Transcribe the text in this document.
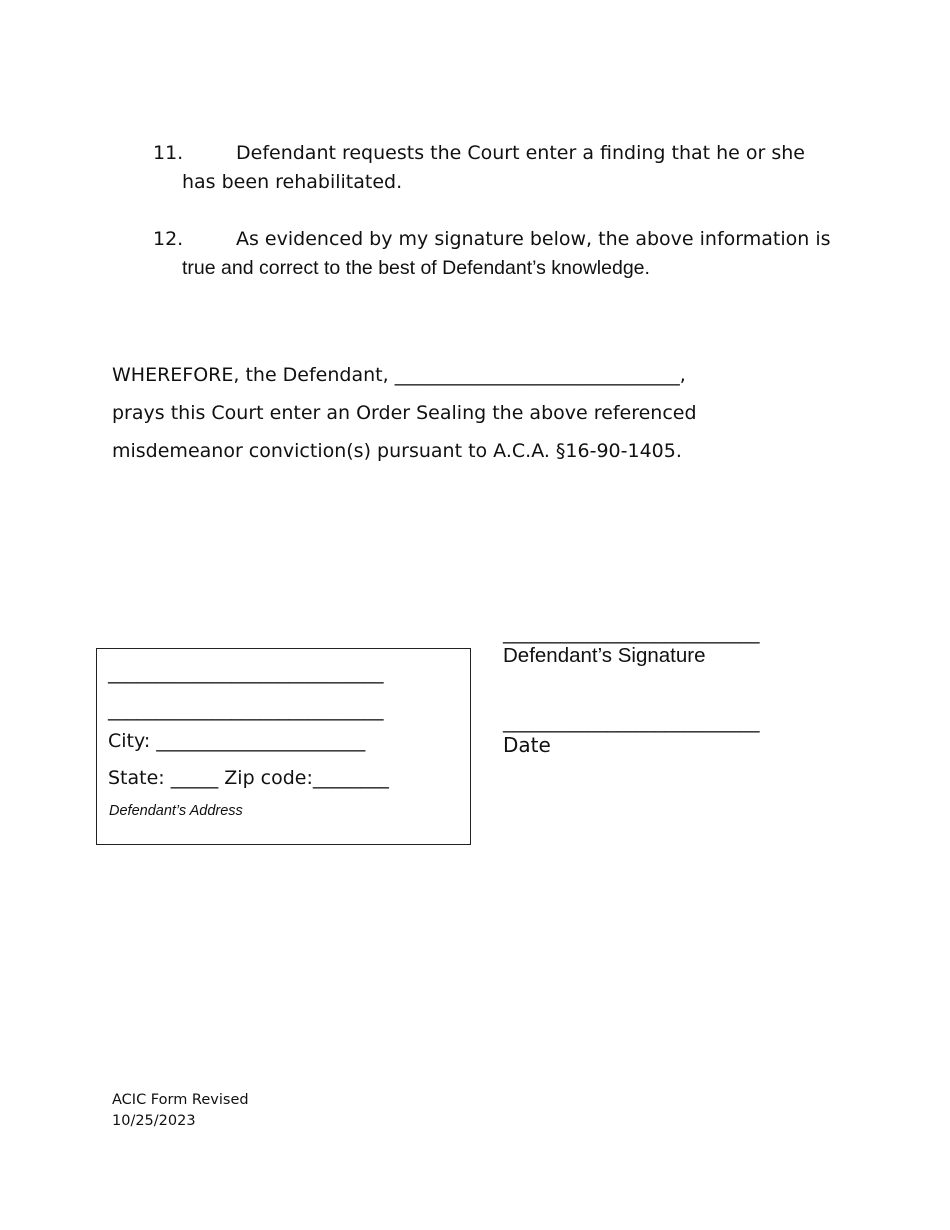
11.	Defendant requests the Court enter a finding that he or she
has been rehabilitated.
12.	As evidenced by my signature below, the above information is
true and correct to the best of Defendant’s knowledge.
WHEREFORE, the Defendant, ______________________________,
prays this Court enter an Order Sealing the above referenced
misdemeanor conviction(s) pursuant to A.C.A. §16-90-1405.
_____________________________
_____________________________
City: ______________________
State: _____ Zip code:________
Defendant’s Address
___________________________
Defendant’s Signature
___________________________
Date
ACIC Form Revised
10/25/2023
